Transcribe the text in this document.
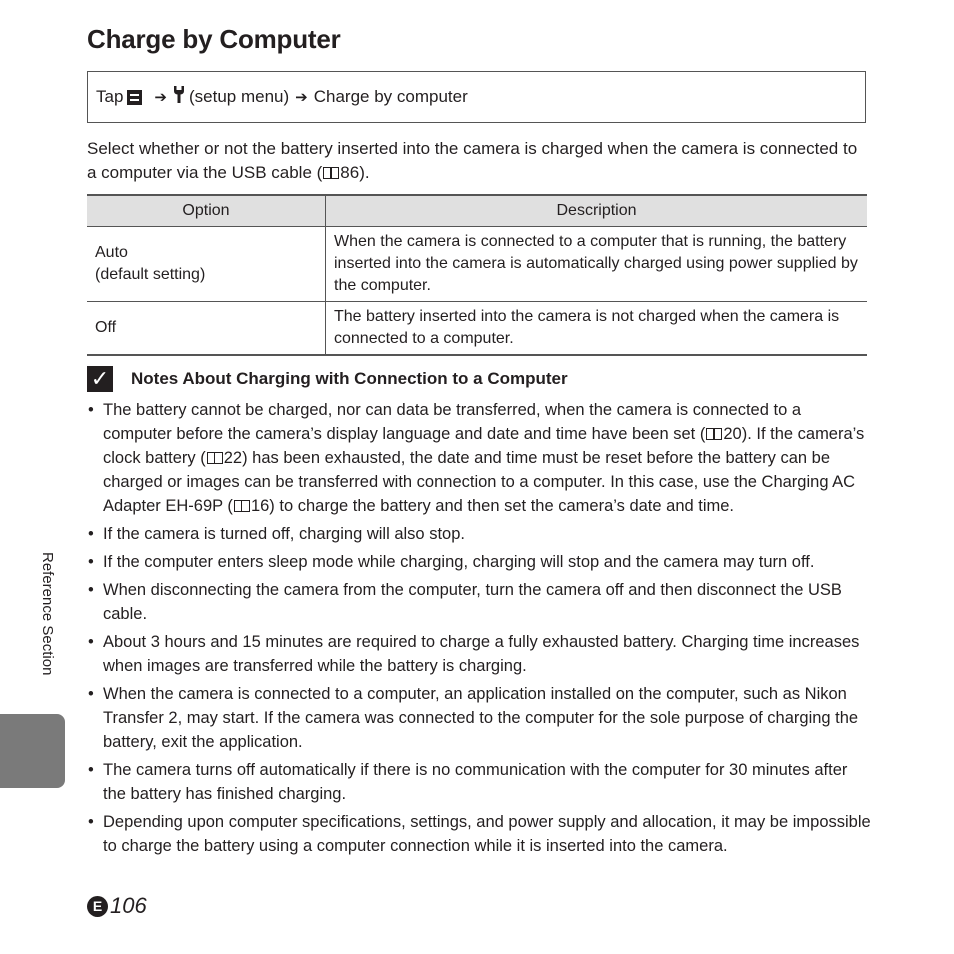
Charge by Computer
Tap ➔ (setup menu) ➔ Charge by computer

Select whether or not the battery inserted into the camera is charged when the camera is connected to a computer via the USB cable ( 86).

Option	Description

Auto
(default setting)	When the camera is connected to a computer that is running, the battery inserted into the camera is automatically charged using power supplied by the computer.
Off	The battery inserted into the camera is not charged when the camera is connected to a computer.
✓ Notes About Charging with Connection to a Computer
• The battery cannot be charged, nor can data be transferred, when the camera is connected to a computer before the camera’s display language and date and time have been set ( 20). If the camera’s clock battery ( 22) has been exhausted, the date and time must be reset before the battery can be charged or images can be transferred with connection to a computer. In this case, use the Charging AC Adapter EH-69P ( 16) to charge the battery and then set the camera’s date and time.
• If the camera is turned off, charging will also stop.
• If the computer enters sleep mode while charging, charging will stop and the camera may turn off.
• When disconnecting the camera from the computer, turn the camera off and then disconnect the USB cable.
• About 3 hours and 15 minutes are required to charge a fully exhausted battery. Charging time increases when images are transferred while the battery is charging.
• When the camera is connected to a computer, an application installed on the computer, such as Nikon Transfer 2, may start. If the camera was connected to the computer for the sole purpose of charging the battery, exit the application.
• The camera turns off automatically if there is no communication with the computer for 30 minutes after the battery has finished charging.
• Depending upon computer specifications, settings, and power supply and allocation, it may be impossible to charge the battery using a computer connection while it is inserted into the camera.
Reference Section
E 106
